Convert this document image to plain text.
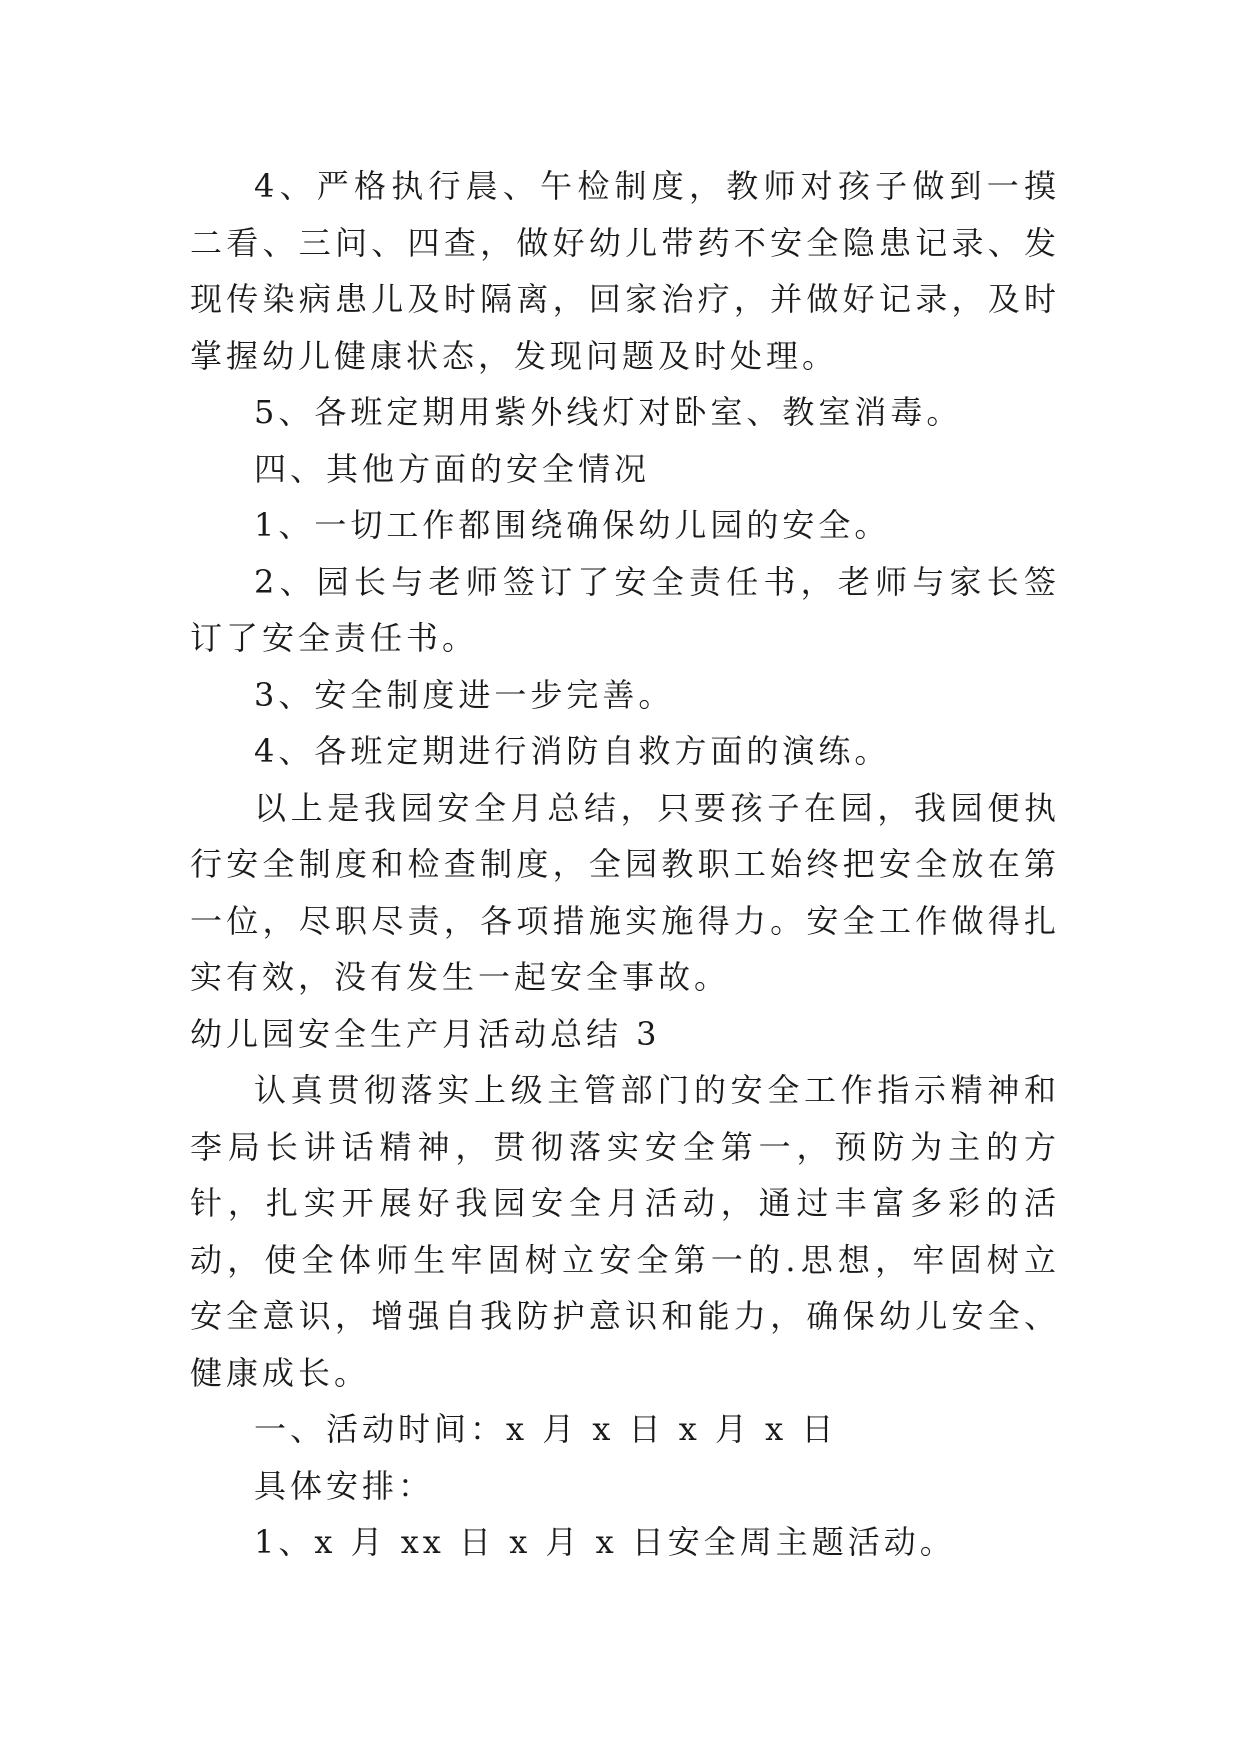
4、严格执行晨、午检制度，教师对孩子做到一摸二看、三问、四查，做好幼儿带药不安全隐患记录、发现传染病患儿及时隔离，回家治疗，并做好记录，及时掌握幼儿健康状态，发现问题及时处理。

5、各班定期用紫外线灯对卧室、教室消毒。

四、其他方面的安全情况

1、一切工作都围绕确保幼儿园的安全。

2、园长与老师签订了安全责任书，老师与家长签订了安全责任书。

3、安全制度进一步完善。

4、各班定期进行消防自救方面的演练。

以上是我园安全月总结，只要孩子在园，我园便执行安全制度和检查制度，全园教职工始终把安全放在第一位，尽职尽责，各项措施实施得力。安全工作做得扎实有效，没有发生一起安全事故。

幼儿园安全生产月活动总结 3

认真贯彻落实上级主管部门的安全工作指示精神和李局长讲话精神，贯彻落实安全第一，预防为主的方针，扎实开展好我园安全月活动，通过丰富多彩的活动，使全体师生牢固树立安全第一的.思想，牢固树立安全意识，增强自我防护意识和能力，确保幼儿安全、健康成长。

一、活动时间：x 月 x 日 x 月 x 日

具体安排：

1、x 月 xx 日 x 月 x 日安全周主题活动。
